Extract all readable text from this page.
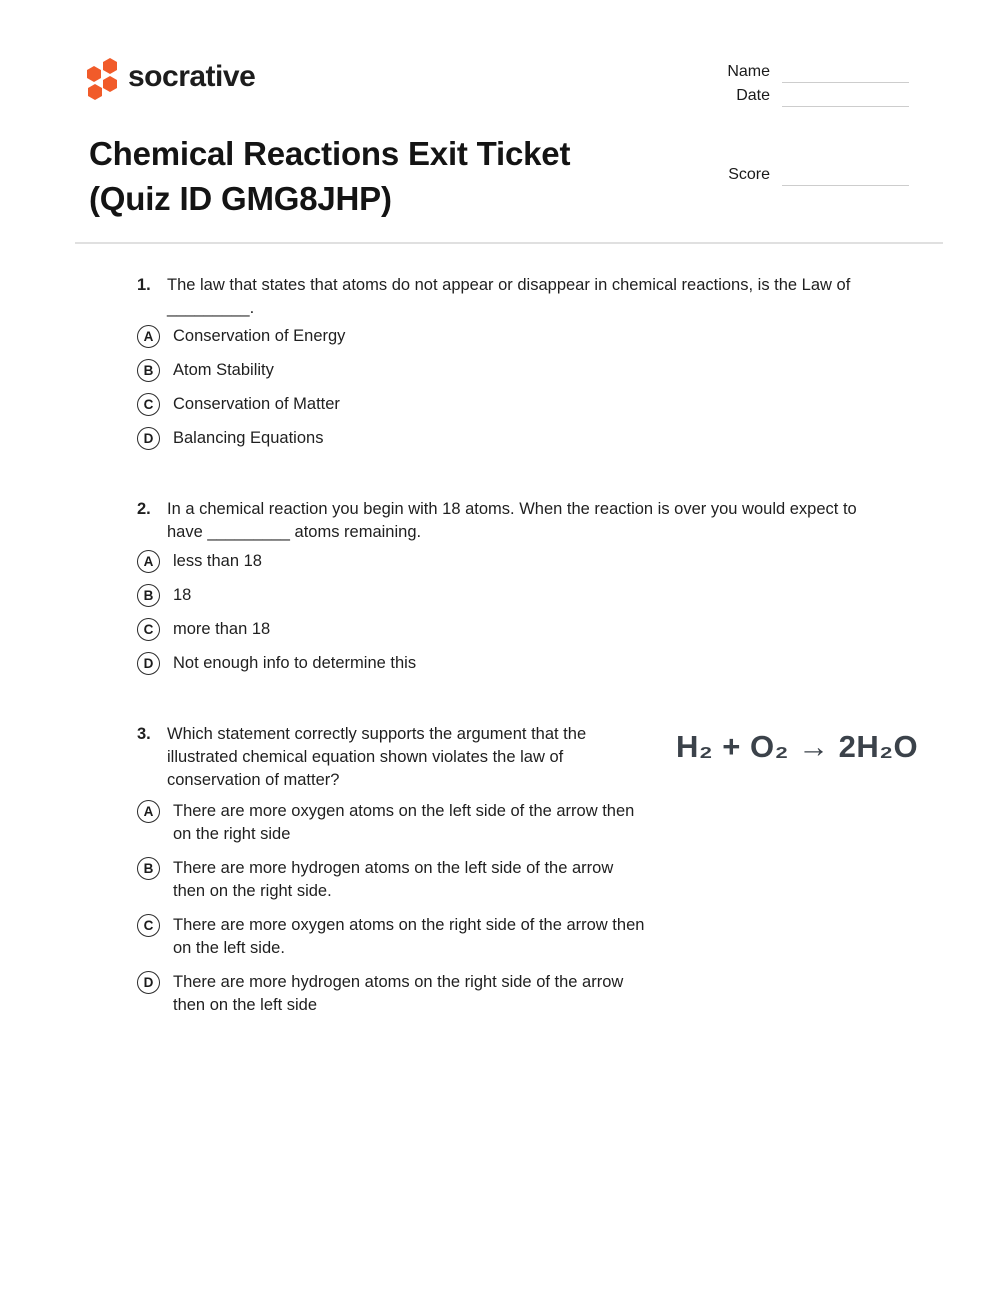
socrative	Name
Date
Score
Chemical Reactions Exit Ticket
(Quiz ID GMG8JHP)
1. The law that states that atoms do not appear or disappear in chemical reactions, is the Law of
_________.
A	Conservation of Energy
B	Atom Stability
C	Conservation of Matter
D	Balancing Equations
2. In a chemical reaction you begin with 18 atoms. When the reaction is over you would expect to
have _________ atoms remaining.
A	less than 18
B	18
C	more than 18
D	Not enough info to determine this
3. Which statement correctly supports the argument that the
illustrated chemical equation shown violates the law of
conservation of matter?
A	There are more oxygen atoms on the left side of the arrow then
on the right side
B	There are more hydrogen atoms on the left side of the arrow
then on the right side.
C	There are more oxygen atoms on the right side of the arrow then
on the left side.
D	There are more hydrogen atoms on the right side of the arrow
then on the left side
H₂ + O₂ → 2H₂O
